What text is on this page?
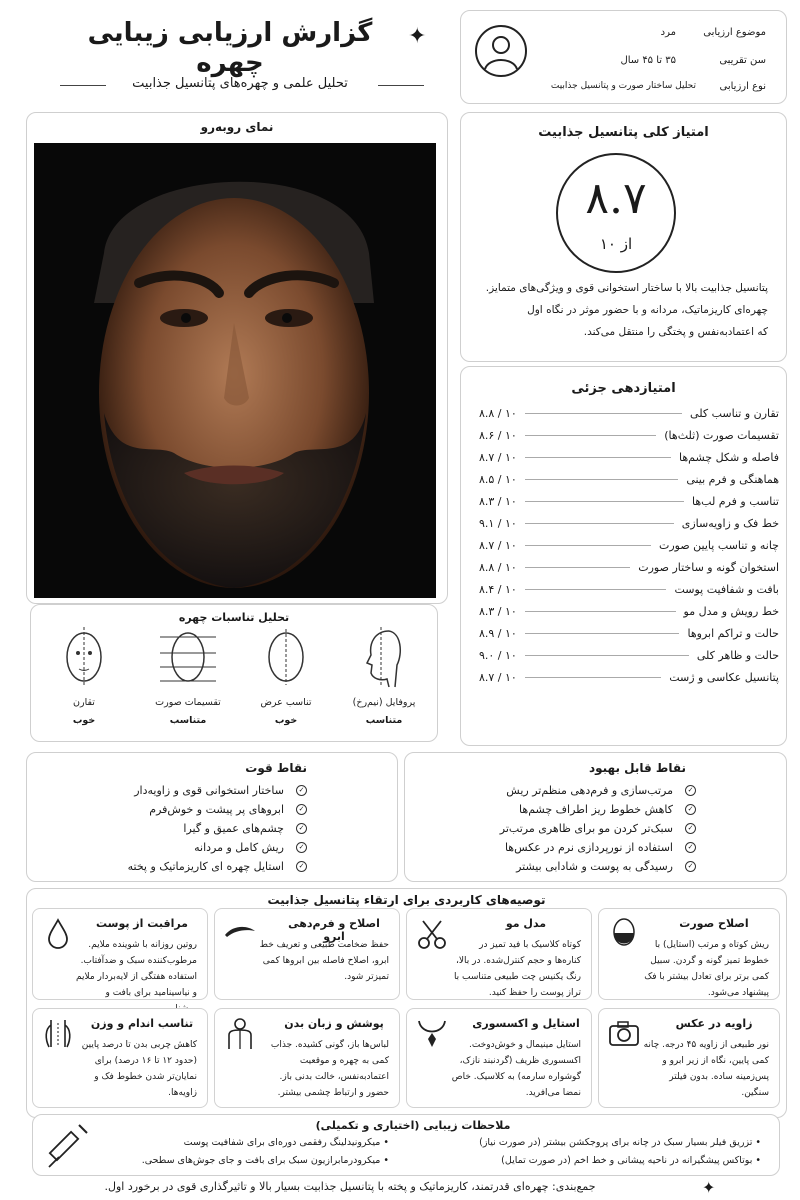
گزارش ارزیابی زیبایی چهره
✦
تحلیل علمی و چهره‌های پتانسیل جذابیت
موضوع ارزیابی
مرد
سن تقریبی
۳۵ تا ۴۵ سال
نوع ارزیابی
تحلیل ساختار صورت و پتانسیل جذابیت
نمای روبه‌رو
تحلیل تناسبات چهره
تقارن
خوب
تقسیمات صورت
متناسب
تناسب عرض
خوب
پروفایل (نیم‌رخ)
متناسب
امتیاز کلی پتانسیل جذابیت
۸.۷
از ۱۰
پتانسیل جذابیت بالا با ساختار استخوانی قوی و ویژگی‌های متمایز.
چهره‌ای کاریزماتیک، مردانه و با حضور موثر در نگاه اول
که اعتمادبه‌نفس و پختگی را منتقل می‌کند.
امتیازدهی جزئی
تقارن و تناسب کلی
۸.۸ / ۱۰
تقسیمات صورت (ثلث‌ها)
۸.۶ / ۱۰
فاصله و شکل چشم‌ها
۸.۷ / ۱۰
هماهنگی و فرم بینی
۸.۵ / ۱۰
تناسب و فرم لب‌ها
۸.۳ / ۱۰
خط فک و زاویه‌سازی
۹.۱ / ۱۰
چانه و تناسب پایین صورت
۸.۷ / ۱۰
استخوان گونه و ساختار صورت
۸.۸ / ۱۰
بافت و شفافیت پوست
۸.۴ / ۱۰
خط رویش و مدل مو
۸.۳ / ۱۰
حالت و تراکم ابروها
۸.۹ / ۱۰
حالت و ظاهر کلی
۹.۰ / ۱۰
پتانسیل عکاسی و ژست
۸.۷ / ۱۰
نقاط قوت
✓
ساختار استخوانی قوی و زاویه‌دار
✓
ابروهای پر پیشت و خوش‌فرم
✓
چشم‌های عمیق و گیرا
✓
ریش کامل و مردانه
✓
استایل چهره ای کاریزماتیک و پخته
نقاط قابل بهبود
✓
مرتب‌سازی و فرم‌دهی منظم‌تر ریش
✓
کاهش خطوط ریز اطراف چشم‌ها
✓
سبک‌تر کردن مو برای ظاهری مرتب‌تر
✓
استفاده از نورپردازی نرم در عکس‌ها
✓
رسیدگی به پوست و شادابی بیشتر
توصیه‌های کاربردی برای ارتقاء پتانسیل جذابیت
اصلاح صورت
ریش کوتاه و مرتب (استایل) با خطوط تمیز گونه و گردن. سبیل کمی برتر برای تعادل بیشتر با فک پیشنهاد می‌شود.
مدل مو
کوتاه کلاسیک با فید تمیز در کناره‌ها و حجم کنترل‌شده. در بالا، رنگ یکنیس چت طبیعی متناسب با تراز پوست را حفظ کنید.
اصلاح و فرم‌دهی ابرو
حفظ ضخامت طبیعی و تعریف خط ابرو، اصلاح فاصله بین ابروها کمی تمیزتر شود.
مراقبت از پوست
روتین روزانه با شوینده ملایم. مرطوب‌کننده سبک و ضدآفتاب. استفاده هفتگی از لایه‌بردار ملایم و نیاسینامید برای بافت و
زاویه در عکس
نور طبیعی از زاویه ۴۵ درجه. چانه کمی پایین، نگاه از زیر ابرو و پس‌زمینه ساده. بدون فیلتر سنگین.
استایل و اکسسوری
استایل مینیمال و خوش‌دوخت. اکسسوری ظریف (گردنبند نازک، گوشواره سارمه) به کلاسیک. خاص نمضا می‌افرید.
پوشش و زبان بدن
لباس‌ها باز، گونی کشیده. جذاب کمی به چهره و موقعیت اعتمادبه‌نفس، خالت بدنی باز. حضور و ارتباط چشمی بیشتر.
تناسب اندام و وزن
کاهش چربی بدن تا درصد پایین (حدود ۱۲ تا ۱۶ درصد) برای نمایان‌تر شدن خطوط فک و زاویه‌ها.
ملاحظات زیبایی (اختیاری و تکمیلی)
• تزریق فیلر بسیار سبک در چانه برای پروجکشن بیشتر (در صورت نیاز)
• بوتاکس پیشگیرانه در ناحیه پیشانی و خط اخم (در صورت تمایل)
• میکرونیدلینگ رفقمی دوره‌ای برای شفافیت پوست
• میکرودرمابرازیون سبک برای بافت و جای جوش‌های سطحی.
✦
جمع‌بندی: چهره‌ای قدرتمند، کاریزماتیک و پخته با پتانسیل جذابیت بسیار بالا و تاثیرگذاری قوی در برخورد اول.
